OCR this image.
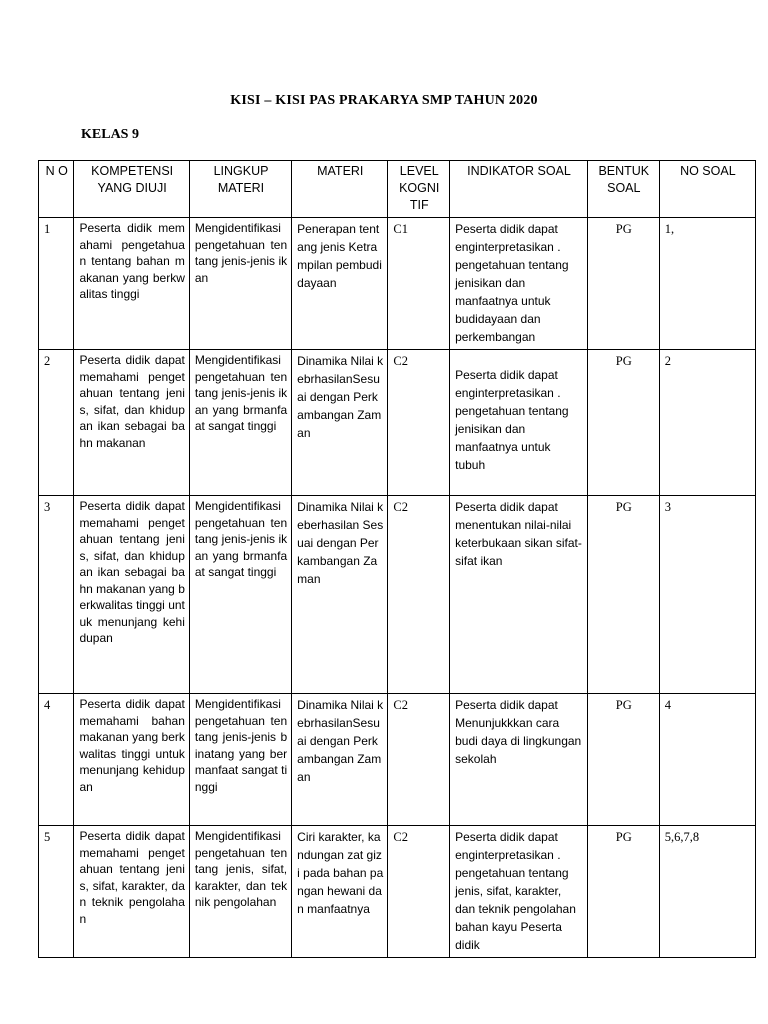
KISI – KISI PAS PRAKARYA SMP TAHUN 2020
KELAS 9
N O	KOMPETENSI YANG DIUJI	LINGKUP MATERI	MATERI	LEVEL KOGNI TIF	INDIKATOR SOAL	BENTUK SOAL	NO SOAL
1	Peserta didik memahami pengetahuan tentang bahan makanan yang berkwalitas tinggi	Mengidentifikasi pengetahuan tentang jenis-jenis ikan	Penerapan tentang jenis Ketrampilan pembudidayaan	C1	Peserta didik dapat enginterpretasikan . pengetahuan tentang jenisikan dan manfaatnya untuk budidayaan dan perkembangan	PG	1,
2	Peserta didik dapat memahami pengetahuan tentang jenis, sifat, dan khidupan ikan sebagai bahn makanan	Mengidentifikasi pengetahuan tentang jenis-jenis ikan yang brmanfaat sangat tinggi	Dinamika Nilai kebrhasilanSesuai dengan Perkambangan Zaman	C2	Peserta didik dapat enginterpretasikan . pengetahuan tentang jenisikan dan manfaatnya untuk tubuh	PG	2
3	Peserta didik dapat memahami pengetahuan tentang jenis, sifat, dan khidupan ikan sebagai bahn makanan yang berkwalitas tinggi untuk menunjang kehidupan	Mengidentifikasi pengetahuan tentang jenis-jenis ikan yang brmanfaat sangat tinggi	Dinamika Nilai keberhasilan Sesuai dengan Perkambangan Zaman	C2	Peserta didik dapat menentukan nilai-nilai keterbukaan sikan sifat-sifat ikan	PG	3
4	Peserta didik dapat memahami bahan makanan yang berkwalitas tinggi untuk menunjang kehidupan	Mengidentifikasi pengetahuan tentang jenis-jenis binatang yang bermanfaat sangat tinggi	Dinamika Nilai kebrhasilanSesuai dengan Perkambangan Zaman	C2	Peserta didik dapat Menunjukkkan cara budi daya di lingkungan sekolah	PG	4
5	Peserta didik dapat memahami pengetahuan tentang jenis, sifat, karakter, dan teknik pengolahan	Mengidentifikasi pengetahuan tentang jenis, sifat, karakter, dan teknik pengolahan	Ciri karakter, kandungan zat gizi pada bahan pangan hewani dan manfaatnya	C2	Peserta didik dapat enginterpretasikan . pengetahuan tentang jenis, sifat, karakter, dan teknik pengolahan bahan kayu Peserta didik	PG	5,6,7,8
